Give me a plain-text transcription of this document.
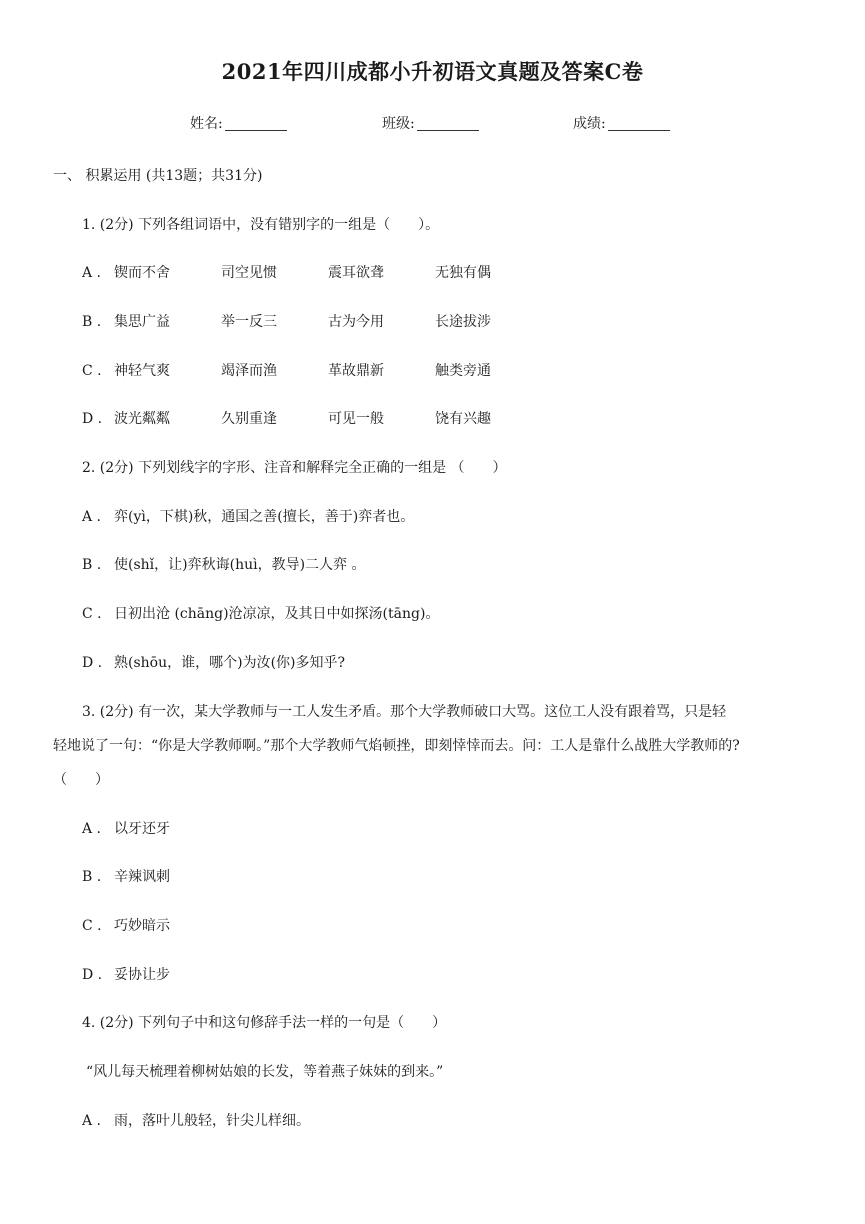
2021年四川成都小升初语文真题及答案C卷
姓名:	班级:	成绩:
一、 积累运用 (共13题；共31分)
1. (2分) 下列各组词语中，没有错别字的一组是（　　）。
A . 锲而不舍	司空见惯	震耳欲聋	无独有偶
B . 集思广益	举一反三	古为今用	长途拔涉
C . 神轻气爽	竭泽而渔	革故鼎新	触类旁通
D . 波光粼粼	久别重逢	可见一般	饶有兴趣
2. (2分) 下列划线字的字形、注音和解释完全正确的一组是 （　　）
A . 弈(yì，下棋)秋，通国之善(擅长，善于)弈者也。
B . 使(shǐ，让)弈秋诲(huì，教导)二人弈 。
C . 日初出沧 (chāng)沧凉凉，及其日中如探汤(tāng)。
D . 熟(shōu，谁，哪个)为汝(你)多知乎?
3. (2分) 有一次，某大学教师与一工人发生矛盾。那个大学教师破口大骂。这位工人没有跟着骂，只是轻
轻地说了一句：“你是大学教师啊。”那个大学教师气焰顿挫，即刻悻悻而去。问：工人是靠什么战胜大学教师的?
（　　）
A . 以牙还牙
B . 辛辣讽刺
C . 巧妙暗示
D . 妥协让步
4. (2分) 下列句子中和这句修辞手法一样的一句是（　　）
“风儿每天梳理着柳树姑娘的长发，等着燕子妹妹的到来。”
A . 雨，落叶儿般轻，针尖儿样细。
